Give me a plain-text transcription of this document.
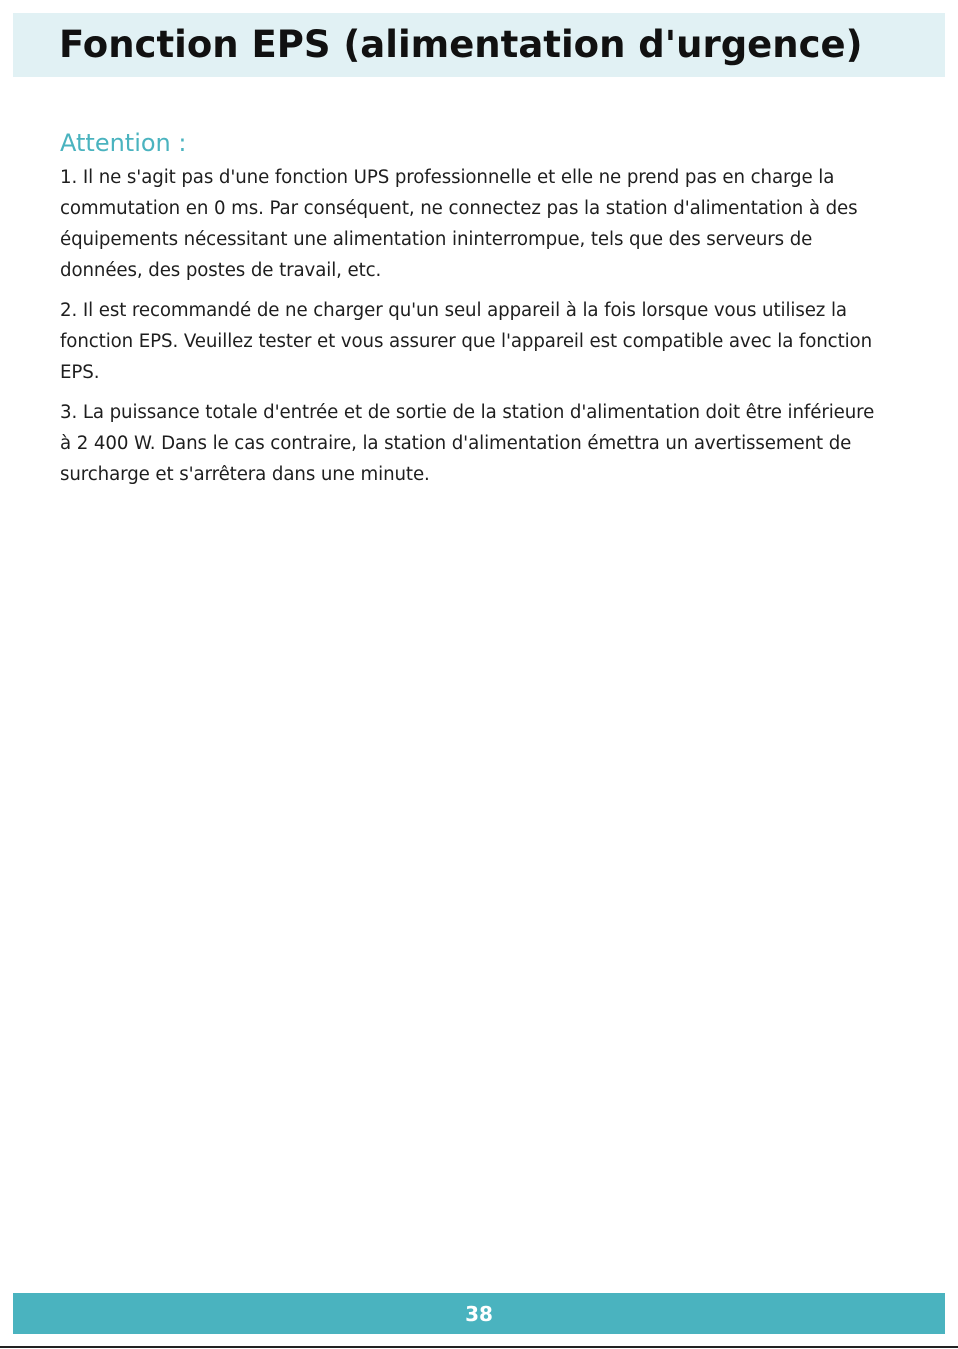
Fonction EPS (alimentation d'urgence)
Attention :

1. Il ne s'agit pas d'une fonction UPS professionnelle et elle ne prend pas en charge la commutation en 0 ms. Par conséquent, ne connectez pas la station d'alimentation à des équipements nécessitant une alimentation ininterrompue, tels que des serveurs de données, des postes de travail, etc.

2. Il est recommandé de ne charger qu'un seul appareil à la fois lorsque vous utilisez la fonction EPS. Veuillez tester et vous assurer que l'appareil est compatible avec la fonction EPS.

3. La puissance totale d'entrée et de sortie de la station d'alimentation doit être inférieure à 2 400 W. Dans le cas contraire, la station d'alimentation émettra un avertissement de surcharge et s'arrêtera dans une minute.

38
